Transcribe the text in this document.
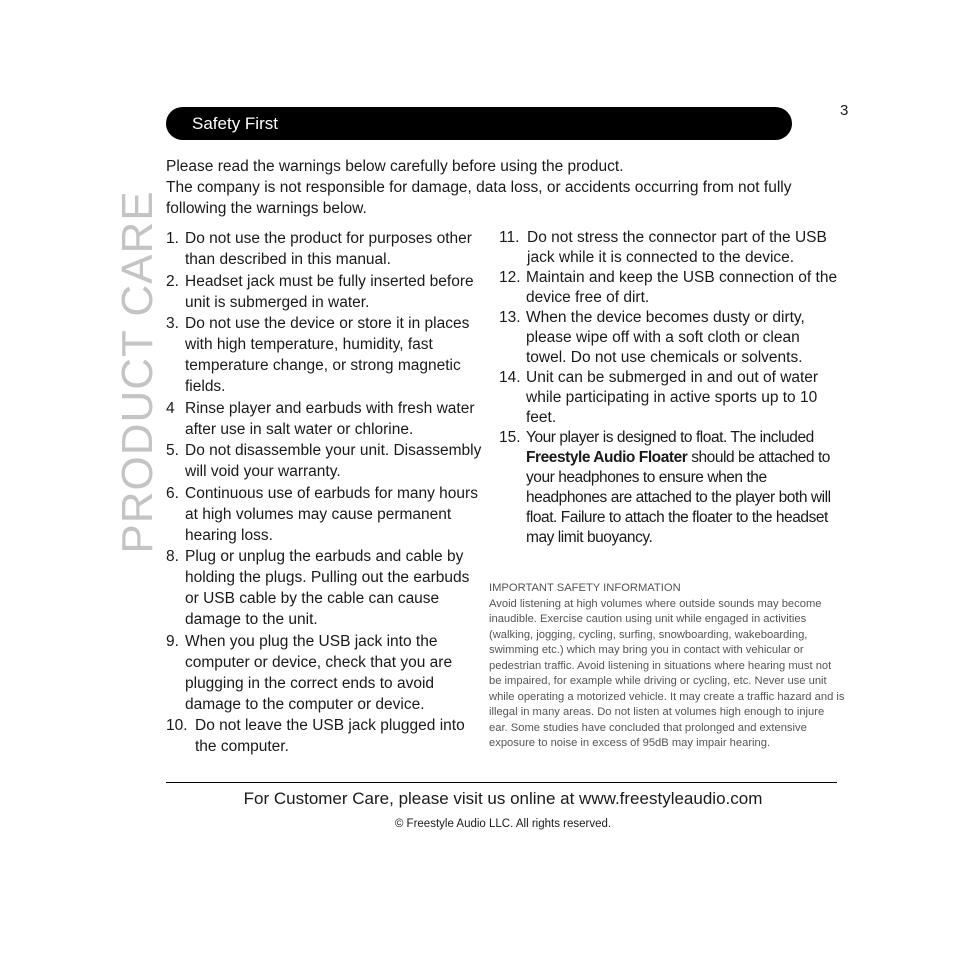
3
PRODUCT CARE
Safety First

Please read the warnings below carefully before using the product.

The company is not responsible for damage, data loss, or accidents occurring from not fully following the warnings below.

1. Do not use the product for purposes other than described in this manual.
2. Headset jack must be fully inserted before unit is submerged in water.
3. Do not use the device or store it in places with high temperature, humidity, fast temperature change, or strong magnetic fields.
4 Rinse player and earbuds with fresh water after use in salt water or chlorine.
5. Do not disassemble your unit. Disassembly will void your warranty.
6. Continuous use of earbuds for many hours at high volumes may cause permanent hearing loss.
8. Plug or unplug the earbuds and cable by holding the plugs. Pulling out the earbuds or USB cable by the cable can cause damage to the unit.
9. When you plug the USB jack into the computer or device, check that you are plugging in the correct ends to avoid damage to the computer or device.
10. Do not leave the USB jack plugged into the computer.
11. Do not stress the connector part of the USB jack while it is connected to the device.
12. Maintain and keep the USB connection of the device free of dirt.
13. When the device becomes dusty or dirty, please wipe off with a soft cloth or clean towel. Do not use chemicals or solvents.
14. Unit can be submerged in and out of water while participating in active sports up to 10 feet.
15. Your player is designed to float. The included Freestyle Audio Floater should be attached to your headphones to ensure when the headphones are attached to the player both will float. Failure to attach the floater to the headset may limit buoyancy.
IMPORTANT SAFETY INFORMATION
Avoid listening at high volumes where outside sounds may become inaudible. Exercise caution using unit while engaged in activities (walking, jogging, cycling, surfing, snowboarding, wakeboarding, swimming etc.) which may bring you in contact with vehicular or pedestrian traffic. Avoid listening in situations where hearing must not be impaired, for example while driving or cycling, etc. Never use unit while operating a motorized vehicle. It may create a traffic hazard and is illegal in many areas. Do not listen at volumes high enough to injure ear. Some studies have concluded that prolonged and extensive exposure to noise in excess of 95dB may impair hearing.
For Customer Care, please visit us online at www.freestyleaudio.com
© Freestyle Audio LLC. All rights reserved.
